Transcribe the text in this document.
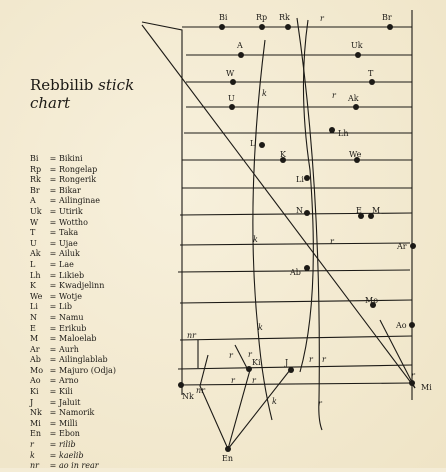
Rebbilib stick
chart
Bi = Bikini
Rp = Rongelap
Rk = Rongerik
Br = Bikar
A = Ailinginae
Uk = Utirik
W = Wottho
T = Taka
U = Ujae
Ak = Ailuk
L = Lae
Lh = Likieb
K = Kwadjelinn
We = Wotje
Li = Lib
N = Namu
E = Erikub
M = Maloelab
Ar = Aurh
Ab = Ailinglablab
Mo = Majuro (Odja)
Ao = Arno
Ki = Kili
J = Jaluit
Nk = Namorik
Mi = Milli
En = Ebon
r = rilib
k = kaelib
nr = ao in rear
Bi	Rp Rk	Br
A	Uk
W	T
U	Ak
L
Lh
K	We
Li
N	E M
Ar
Ab
Mo
Ao
Ki	J
Nk
Mi
En
r
r
r
r
r r
r r
r
r
r
k
k
k
k
nr
nr
